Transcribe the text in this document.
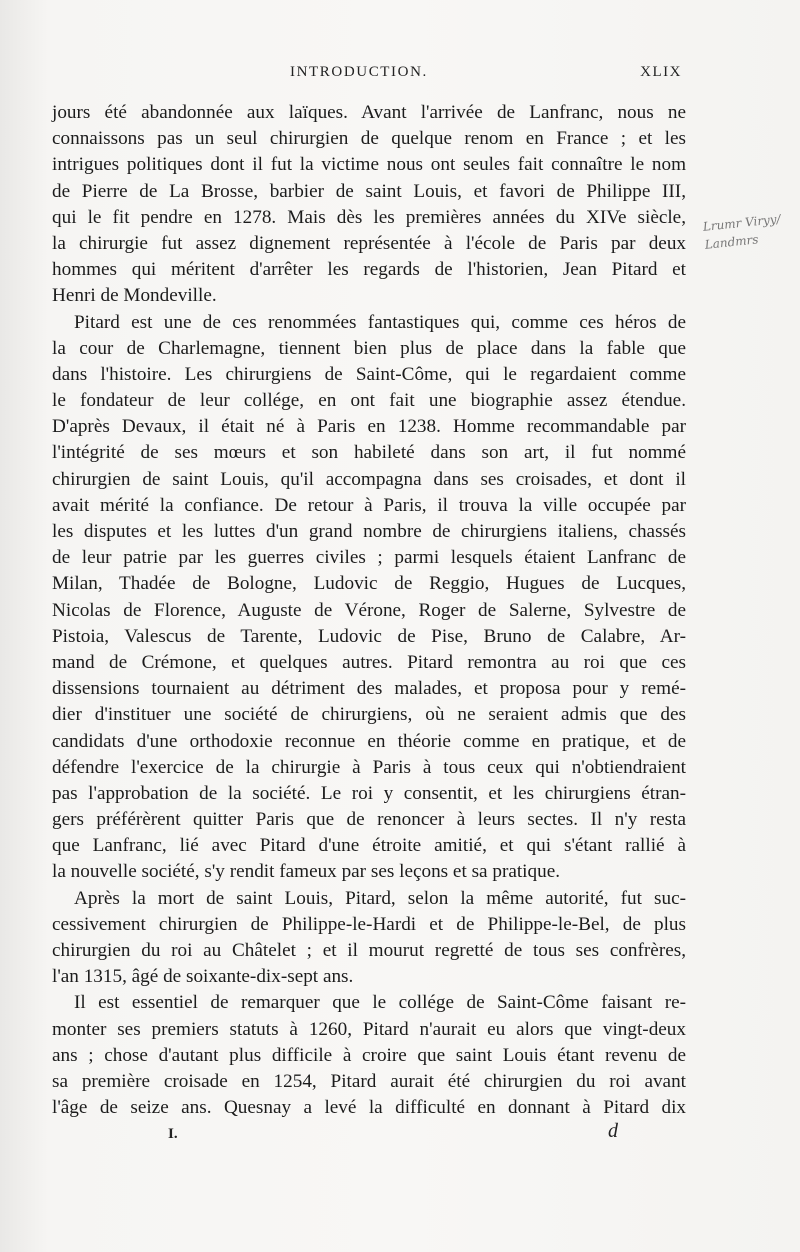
INTRODUCTION.	XLIX
jours été abandonnée aux laïques. Avant l'arrivée de Lanfranc, nous ne
connaissons pas un seul chirurgien de quelque renom en France ; et les
intrigues politiques dont il fut la victime nous ont seules fait connaître le nom
de Pierre de La Brosse, barbier de saint Louis, et favori de Philippe III,
qui le fit pendre en 1278. Mais dès les premières années du XIVe siècle,
la chirurgie fut assez dignement représentée à l'école de Paris par deux
hommes qui méritent d'arrêter les regards de l'historien, Jean Pitard et
Henri de Mondeville.
Pitard est une de ces renommées fantastiques qui, comme ces héros de
la cour de Charlemagne, tiennent bien plus de place dans la fable que
dans l'histoire. Les chirurgiens de Saint-Côme, qui le regardaient comme
le fondateur de leur collége, en ont fait une biographie assez étendue.
D'après Devaux, il était né à Paris en 1238. Homme recommandable par
l'intégrité de ses mœurs et son habileté dans son art, il fut nommé
chirurgien de saint Louis, qu'il accompagna dans ses croisades, et dont il
avait mérité la confiance. De retour à Paris, il trouva la ville occupée par
les disputes et les luttes d'un grand nombre de chirurgiens italiens, chassés
de leur patrie par les guerres civiles ; parmi lesquels étaient Lanfranc de
Milan, Thadée de Bologne, Ludovic de Reggio, Hugues de Lucques,
Nicolas de Florence, Auguste de Vérone, Roger de Salerne, Sylvestre de
Pistoia, Valescus de Tarente, Ludovic de Pise, Bruno de Calabre, Ar-
mand de Crémone, et quelques autres. Pitard remontra au roi que ces
dissensions tournaient au détriment des malades, et proposa pour y remé-
dier d'instituer une société de chirurgiens, où ne seraient admis que des
candidats d'une orthodoxie reconnue en théorie comme en pratique, et de
défendre l'exercice de la chirurgie à Paris à tous ceux qui n'obtiendraient
pas l'approbation de la société. Le roi y consentit, et les chirurgiens étran-
gers préférèrent quitter Paris que de renoncer à leurs sectes. Il n'y resta
que Lanfranc, lié avec Pitard d'une étroite amitié, et qui s'étant rallié à
la nouvelle société, s'y rendit fameux par ses leçons et sa pratique.
Après la mort de saint Louis, Pitard, selon la même autorité, fut suc-
cessivement chirurgien de Philippe-le-Hardi et de Philippe-le-Bel, de plus
chirurgien du roi au Châtelet ; et il mourut regretté de tous ses confrères,
l'an 1315, âgé de soixante-dix-sept ans.
Il est essentiel de remarquer que le collége de Saint-Côme faisant re-
monter ses premiers statuts à 1260, Pitard n'aurait eu alors que vingt-deux
ans ; chose d'autant plus difficile à croire que saint Louis étant revenu de
sa première croisade en 1254, Pitard aurait été chirurgien du roi avant
l'âge de seize ans. Quesnay a levé la difficulté en donnant à Pitard dix
Lrumr Viryy/
Landmrs
I.	d
